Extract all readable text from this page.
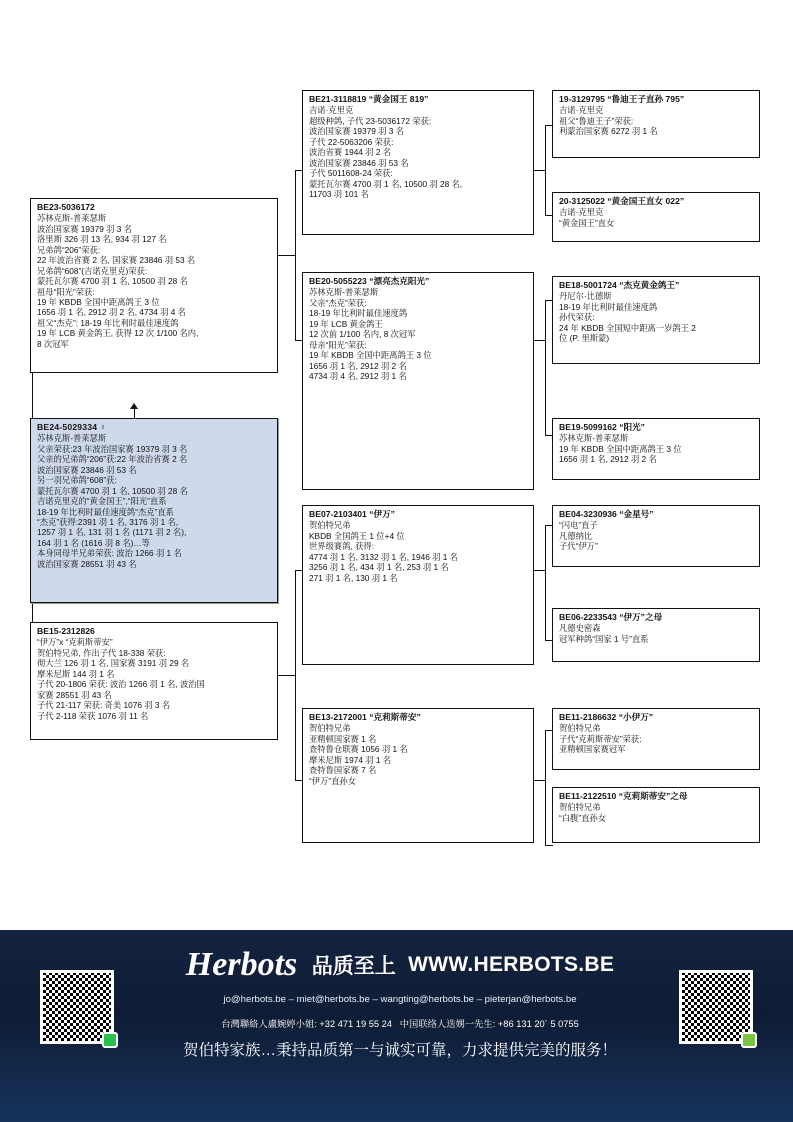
BE23-5036172
苏林克斯-普莱瑟斯
波治国家赛 19379 羽 3 名
洛里斯 326 羽 13 名, 934 羽 127 名
兄弟鸽“206”荣获:
22 年波治省赛 2 名, 国家赛 23846 羽 53 名
兄弟鸽“608”(吉诺克里克)荣获:
蒙托瓦尔赛 4700 羽 1 名, 10500 羽 28 名
祖母“阳光”荣获:
19 年 KBDB 全国中距离鸽王 3 位
1656 羽 1 名, 2912 羽 2 名, 4734 羽 4 名
祖父“杰克”: 18-19 年比利时最佳速度鸽
19 年 LCB 黄金鸽王, 获得 12 次 1/100 名内,
8 次冠军
BE24-5029334 ♀
苏林克斯-普莱瑟斯
父亲荣获:23 年波治国家赛 19379 羽 3 名
父亲的兄弟鸽“206”获:22 年波治省赛 2 名
波治国家赛 23846 羽 53 名
另一羽兄弟鸽“608”获:
蒙托瓦尔赛 4700 羽 1 名, 10500 羽 28 名
吉诺克里克的“黄金国王”,“阳光”直系
18-19 年比利时最佳速度鸽“杰克”直系
“杰克”获得:2391 羽 1 名, 3176 羽 1 名,
1257 羽 1 名, 131 羽 1 名 (1171 羽 2 名),
164 羽 1 名 (1616 羽 8 名)…等
本身同母半兄弟荣获: 波治 1266 羽 1 名
波治国家赛 28551 羽 43 名
BE15-2312826
“伊万”x “克莉斯蒂安”
贺伯特兄弟, 作出子代 18-338 荣获:
彻大兰 126 羽 1 名, 国家赛 3191 羽 29 名
摩米尼斯 144 羽 1 名
子代 20-1806 荣获: 波治 1266 羽 1 名, 波治国
家赛 28551 羽 43 名
子代 21-117 荣获: 奇美 1076 羽 3 名
子代 2-118 荣获 1076 羽 11 名
BE21-3118819 “黄金国王 819”
吉诺·克里克
超级种鸽, 子代 23-5036172 荣获:
波治国家赛 19379 羽 3 名
子代 22-5063206 荣获:
波治省赛 1944 羽 2 名
波治国家赛 23846 羽 53 名
子代 5011608-24 荣获:
蒙托瓦尔赛 4700 羽 1 名, 10500 羽 28 名,
11703 羽 101 名
BE20-5055223 “漂亮杰克阳光”
苏林克斯-普莱瑟斯
父亲“杰克”荣获:
18-19 年比利时最佳速度鸽
19 年 LCB 黄金鸽王
12 次前 1/100 名内, 8 次冠军
母亲“阳光”荣获:
19 年 KBDB 全国中距离鸽王 3 位
1656 羽 1 名, 2912 羽 2 名
4734 羽 4 名, 2912 羽 1 名
BE07-2103401 “伊万”
贺伯特兄弟
KBDB 全国鸽王 1 位+4 位
世界级赛鸽, 获得:
4774 羽 1 名, 3132 羽 1 名, 1946 羽 1 名
3256 羽 1 名, 434 羽 1 名, 253 羽 1 名
271 羽 1 名, 130 羽 1 名
BE13-2172001 “克莉斯蒂安”
贺伯特兄弟
亚精顿国家赛 1 名
查特鲁仓联赛 1056 羽 1 名
摩米尼斯 1974 羽 1 名
查特鲁国家赛 7 名
“伊万”直孙女
19-3129795 “鲁迪王子直孙 795”
吉诺·克里克
祖父“鲁迪王子”荣获:
利蒙治国家赛 6272 羽 1 名
20-3125022 “黄金国王直女 022”
吉诺·克里克
“黄金国王”直女
BE18-5001724 “杰克黄金鸽王”
丹尼尔·比德斯
18-19 年比利时最佳速度鸽
孙代荣获:
24 年 KBDB 全国短中距离一岁鸽王 2
位 (P. 里斯蒙)
BE19-5099162 “阳光”
苏林克斯-普莱瑟斯
19 年 KBDB 全国中距离鸽王 3 位
1656 羽 1 名, 2912 羽 2 名
BE04-3230936 “金星号”
“闪电”直子
凡德纳比
子代“伊万”
BE06-2233543 “伊万”之母
凡德史密森
冠军种鸽“国家 1 号”直系
BE11-2186632 “小伊万”
贺伯特兄弟
子代“克莉斯蒂安”荣获:
亚精顿国家赛冠军
BE11-2122510 “克莉斯蒂安”之母
贺伯特兄弟
“白腹”直孙女
Herbots 品质至上 WWW.HERBOTS.BE
jo@herbots.be – miet@herbots.be – wangting@herbots.be – pieterjan@herbots.be
台灣聯絡人盧婉婷小姐: +32 471 19 55 24   中国联络人迭娚一先生: +86 131 20´ 5 0755
贺伯特家族…秉持品质第一与诚实可靠，力求提供完美的服务！
